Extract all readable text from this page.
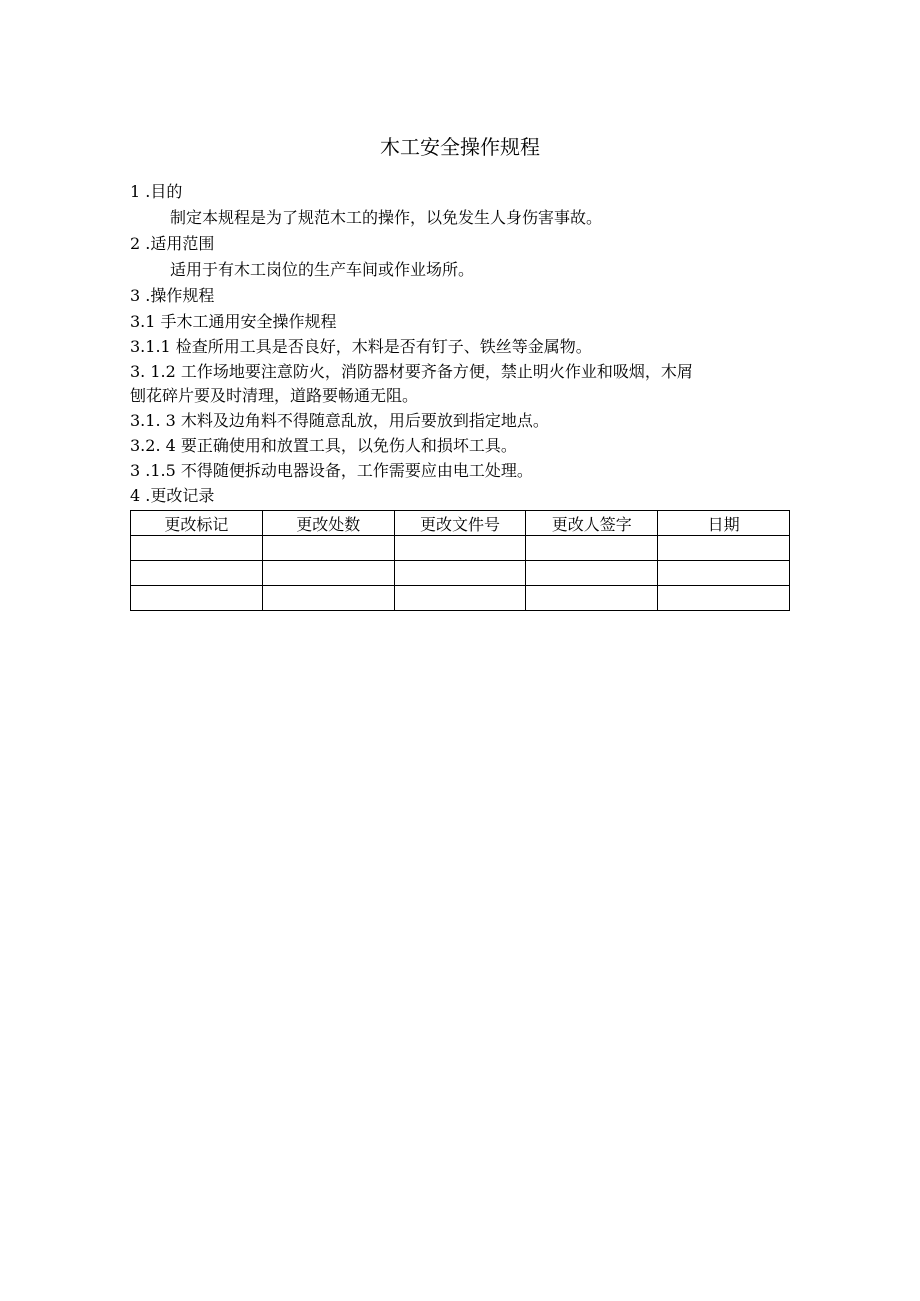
木工安全操作规程
1 .目的
制定本规程是为了规范木工的操作，以免发生人身伤害事故。
2 .适用范围
适用于有木工岗位的生产车间或作业场所。
3 .操作规程
3.1 手木工通用安全操作规程
3.1.1 检查所用工具是否良好，木料是否有钉子、铁丝等金属物。
3. 1.2 工作场地要注意防火，消防器材要齐备方便，禁止明火作业和吸烟，木屑
刨花碎片要及时清理，道路要畅通无阻。
3.1. 3 木料及边角料不得随意乱放，用后要放到指定地点。
3.2. 4 要正确使用和放置工具，以免伤人和损坏工具。
3 .1.5 不得随便拆动电器设备，工作需要应由电工处理。
4 .更改记录
更改标记	更改处数	更改文件号	更改人签字	日期
